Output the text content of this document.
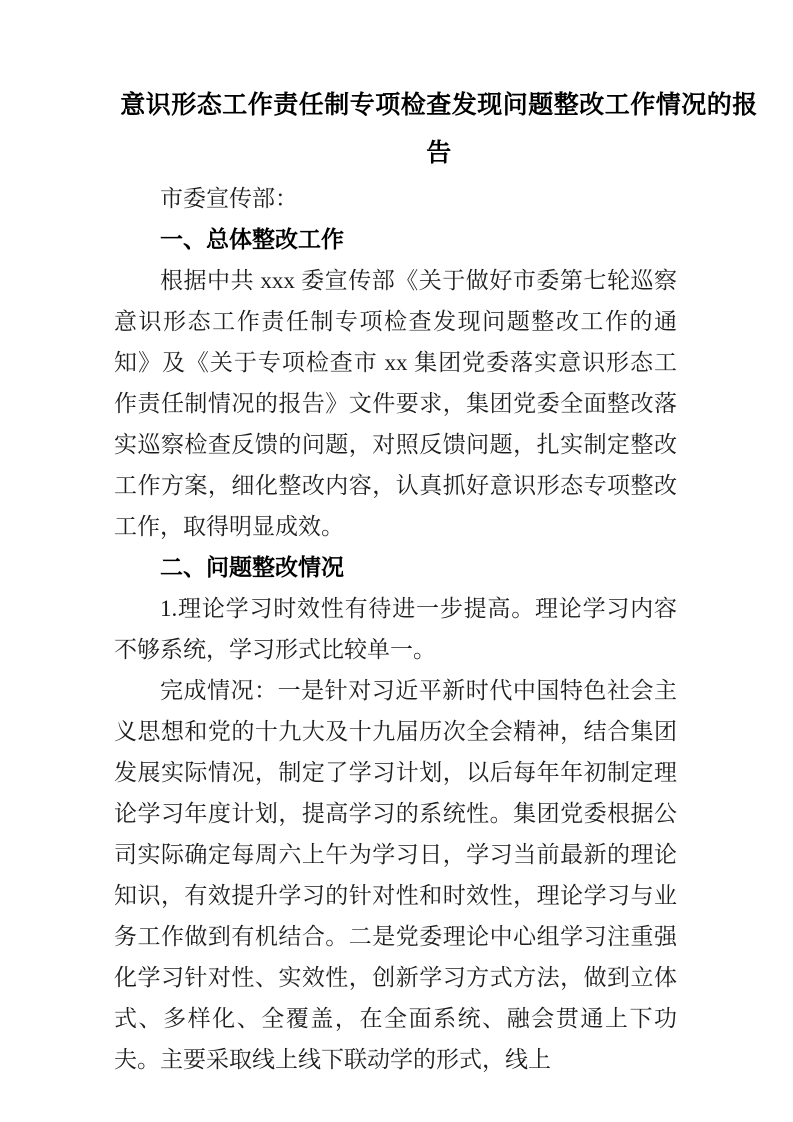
意识形态工作责任制专项检查发现问题整改工作情况的报告

市委宣传部：

一、总体整改工作

根据中共 xxx 委宣传部《关于做好市委第七轮巡察意识形态工作责任制专项检查发现问题整改工作的通知》及《关于专项检查市 xx 集团党委落实意识形态工作责任制情况的报告》文件要求，集团党委全面整改落实巡察检查反馈的问题，对照反馈问题，扎实制定整改工作方案，细化整改内容，认真抓好意识形态专项整改工作，取得明显成效。

二、问题整改情况

1.理论学习时效性有待进一步提高。理论学习内容不够系统，学习形式比较单一。

完成情况：一是针对习近平新时代中国特色社会主义思想和党的十九大及十九届历次全会精神，结合集团发展实际情况，制定了学习计划，以后每年年初制定理论学习年度计划，提高学习的系统性。集团党委根据公司实际确定每周六上午为学习日，学习当前最新的理论知识，有效提升学习的针对性和时效性，理论学习与业务工作做到有机结合。二是党委理论中心组学习注重强化学习针对性、实效性，创新学习方式方法，做到立体式、多样化、全覆盖，在全面系统、融会贯通上下功夫。主要采取线上线下联动学的形式，线上
